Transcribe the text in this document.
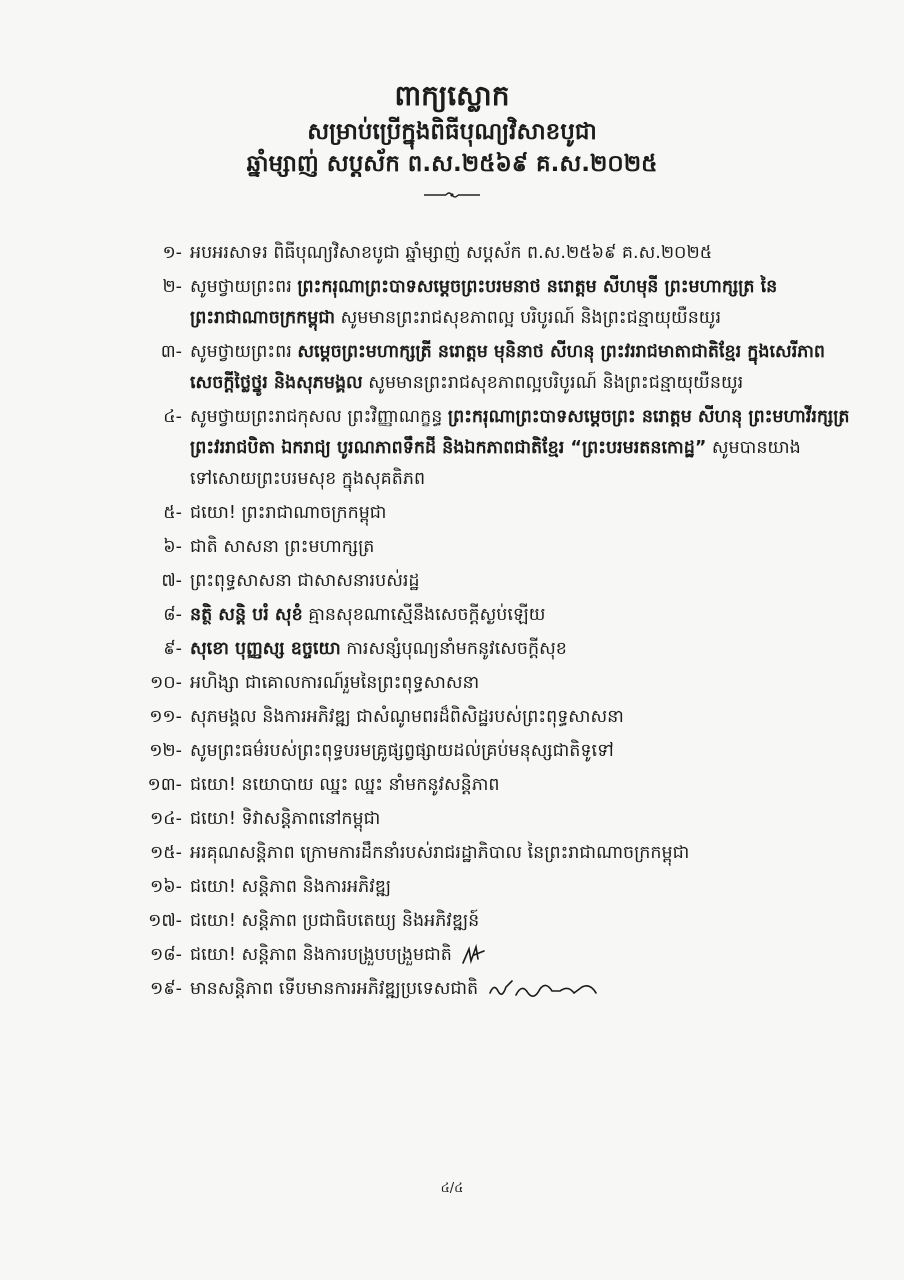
ពាក្យស្លោក

សម្រាប់ប្រើក្នុងពិធីបុណ្យវិសាខបូជា

ឆ្នាំម្សាញ់ សប្តស័ក ព.ស.២៥៦៩ គ.ស.២០២៥

១- អបអរសាទរ ពិធីបុណ្យវិសាខបូជា ឆ្នាំម្សាញ់ សប្តស័ក ព.ស.២៥៦៩ គ.ស.២០២៥
២- សូមថ្វាយព្រះពរ ព្រះករុណាព្រះបាទសម្តេចព្រះបរមនាថ នរោត្តម សីហមុនី ព្រះមហាក្សត្រ នៃព្រះរាជាណាចក្រកម្ពុជា សូមមានព្រះរាជសុខភាពល្អ បរិបូរណ៍ និងព្រះជន្មាយុយឺនយូរ
៣- សូមថ្វាយព្រះពរ សម្តេចព្រះមហាក្សត្រី នរោត្តម មុនិនាថ សីហនុ ព្រះវររាជមាតាជាតិខ្មែរ ក្នុងសេរីភាព សេចក្តីថ្លៃថ្នូរ និងសុភមង្គល សូមមានព្រះរាជសុខភាពល្អបរិបូរណ៍ និងព្រះជន្មាយុយឺនយូរ
៤- សូមថ្វាយព្រះរាជកុសល ព្រះវិញ្ញាណក្ខន្ធ ព្រះករុណាព្រះបាទសម្តេចព្រះ នរោត្តម សីហនុ ព្រះមហាវីរក្សត្រ ព្រះវររាជបិតា ឯករាជ្យ បូរណភាពទឹកដី និងឯកភាពជាតិខ្មែរ “ព្រះបរមរតនកោដ្ឋ” សូមបានយាងទៅសោយព្រះបរមសុខ ក្នុងសុគតិភព
៥- ជយោ! ព្រះរាជាណាចក្រកម្ពុជា
៦- ជាតិ សាសនា ព្រះមហាក្សត្រ
៧- ព្រះពុទ្ធសាសនា ជាសាសនារបស់រដ្ឋ
៨- នត្ថិ សន្តិ បរំ សុខំ គ្មានសុខណាស្មើនឹងសេចក្តីស្ងប់ឡើយ
៩- សុខោ បុញ្ញស្ស ឧច្ចយោ ការសន្សំបុណ្យនាំមកនូវសេចក្តីសុខ
១០- អហិង្សា ជាគោលការណ៍រួមនៃព្រះពុទ្ធសាសនា
១១- សុភមង្គល និងការអភិវឌ្ឍ ជាសំណូមពរដ៏ពិសិដ្ឋរបស់ព្រះពុទ្ធសាសនា
១២- សូមព្រះធម៌របស់ព្រះពុទ្ធបរមគ្រូផ្សព្វផ្សាយដល់គ្រប់មនុស្សជាតិទូទៅ
១៣- ជយោ! នយោបាយ ឈ្នះ ឈ្នះ នាំមកនូវសន្តិភាព
១៤- ជយោ! ទិវាសន្តិភាពនៅកម្ពុជា
១៥- អរគុណសន្តិភាព ក្រោមការដឹកនាំរបស់រាជរដ្ឋាភិបាល នៃព្រះរាជាណាចក្រកម្ពុជា
១៦- ជយោ! សន្តិភាព និងការអភិវឌ្ឍ
១៧- ជយោ! សន្តិភាព ប្រជាធិបតេយ្យ និងអភិវឌ្ឍន៍
១៨- ជយោ! សន្តិភាព និងការបង្រួបបង្រួមជាតិ
១៩- មានសន្តិភាព ទើបមានការអភិវឌ្ឍប្រទេសជាតិ
៤/៤
